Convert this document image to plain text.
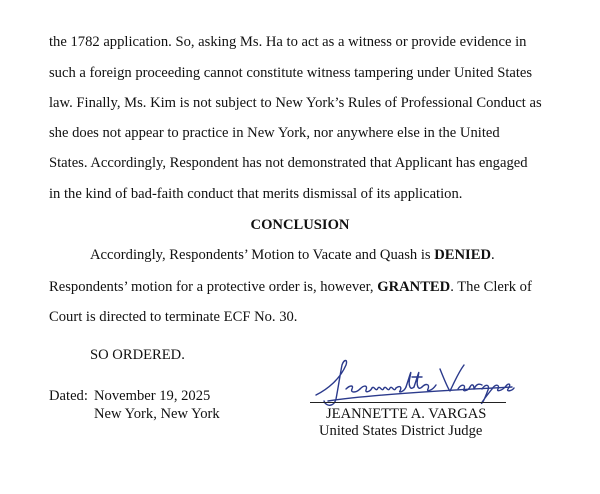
the 1782 application. So, asking Ms. Ha to act as a witness or provide evidence in
such a foreign proceeding cannot constitute witness tampering under United States
law. Finally, Ms. Kim is not subject to New York’s Rules of Professional Conduct as
she does not appear to practice in New York, nor anywhere else in the United
States. Accordingly, Respondent has not demonstrated that Applicant has engaged
in the kind of bad-faith conduct that merits dismissal of its application.
CONCLUSION
Accordingly, Respondents’ Motion to Vacate and Quash is DENIED.
Respondents’ motion for a protective order is, however, GRANTED. The Clerk of
Court is directed to terminate ECF No. 30.
SO ORDERED.
Dated: November 19, 2025
New York, New York	JEANNETTE A. VARGAS
United States District Judge
